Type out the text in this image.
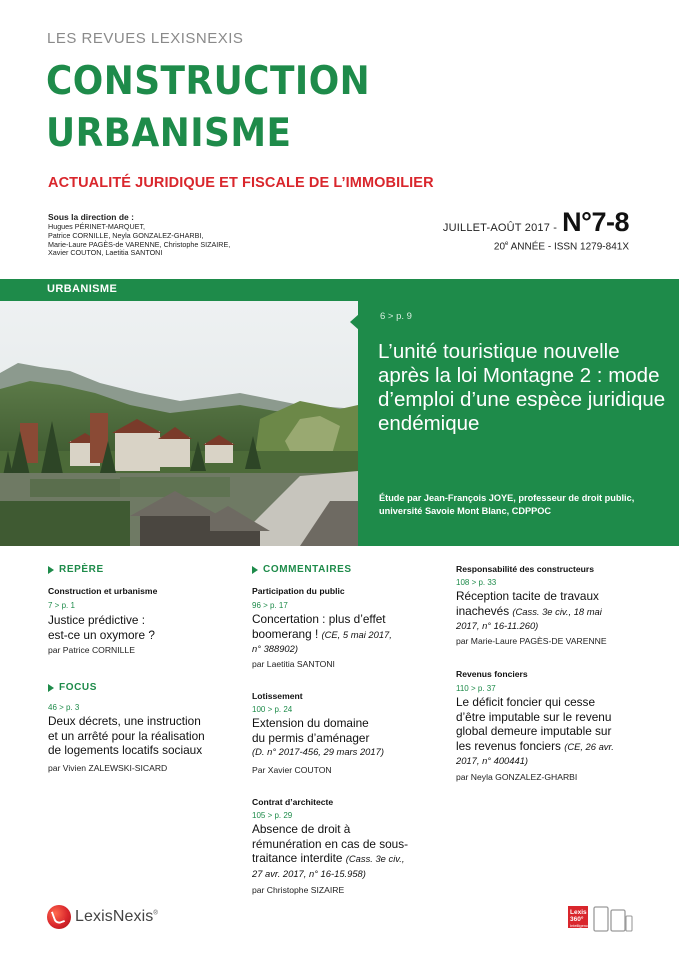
LES REVUES LEXISNEXIS
CONSTRUCTION
URBANISME
ACTUALITÉ JURIDIQUE ET FISCALE DE L’IMMOBILIER
Sous la direction de :
Hugues PÉRINET-MARQUET,
Patrice CORNILLE, Neyla GONZALEZ-GHARBI,
Marie-Laure PAGÈS-de VARENNE, Christophe SIZAIRE,
Xavier COUTON, Laetitia SANTONI
JUILLET-AOÛT 2017 - N°7-8
20e ANNÉE - ISSN 1279-841X
URBANISME
6 > p. 9
L’unité touristique nouvelle après la loi Montagne 2 : mode d’emploi d’une espèce juridique endémique
Étude par Jean-François JOYE, professeur de droit public, université Savoie Mont Blanc, CDPPOC
REPÈRE
Construction et urbanisme
7 > p. 1
Justice prédictive :
est-ce un oxymore ?
par Patrice CORNILLE
FOCUS
46 > p. 3
Deux décrets, une instruction
et un arrêté pour la réalisation
de logements locatifs sociaux
par Vivien ZALEWSKI-SICARD
COMMENTAIRES
Participation du public
96 > p. 17
Concertation : plus d’effet
boomerang ! (CE, 5 mai 2017,
n° 388902)
par Laetitia SANTONI
Lotissement
100 > p. 24
Extension du domaine
du permis d’aménager
(D. n° 2017-456, 29 mars 2017)
Par Xavier COUTON
Contrat d’architecte
105 > p. 29
Absence de droit à
rémunération en cas de sous-
traitance interdite (Cass. 3e civ.,
27 avr. 2017, n° 16-15.958)
par Christophe SIZAIRE
Responsabilité des constructeurs
108 > p. 33
Réception tacite de travaux
inachevés (Cass. 3e civ., 18 mai
2017, n° 16-11.260)
par Marie-Laure PAGÈS-DE VARENNE
Revenus fonciers
110 > p. 37
Le déficit foncier qui cesse
d’être imputable sur le revenu
global demeure imputable sur
les revenus fonciers (CE, 26 avr.
2017, n° 400441)
par Neyla GONZALEZ-GHARBI
LexisNexis®	Lexis
360°
Intelligence
